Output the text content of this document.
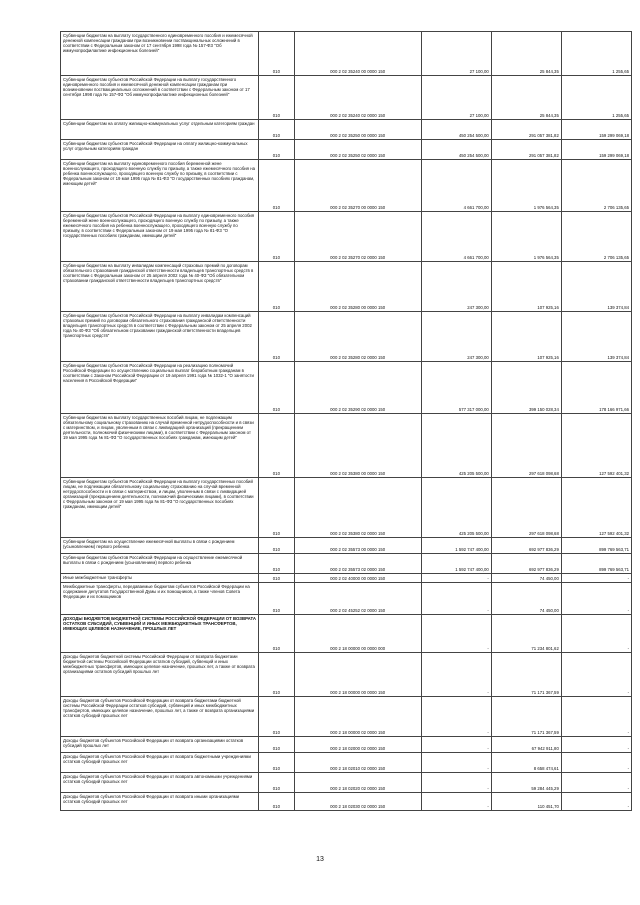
Субвенции бюджетам на выплату государственного единовременного пособия и ежемесячной денежной компенсации гражданам при возникновении поствакцинальных осложнений в соответствии с Федеральным законом от 17 сентября 1998 года № 157-ФЗ "Об иммунопрофилактике инфекционных болезней"	010	000 2 02 35240 00 0000 150	27 100,00	25 844,35	1 255,65
Субвенции бюджетам субъектов Российской Федерации на выплату государственного единовременного пособия и ежемесячной денежной компенсации гражданам при возникновении поствакцинальных осложнений в соответствии с Федеральным законом от 17 сентября 1998 года № 157-ФЗ "Об иммунопрофилактике инфекционных болезней"	010	000 2 02 35240 02 0000 150	27 100,00	25 844,35	1 255,65
Субвенции бюджетам на оплату жилищно-коммунальных услуг отдельным категориям граждан	010	000 2 02 35250 00 0000 150	450 254 500,00	291 057 381,82	159 299 069,18
Субвенции бюджетам субъектов Российской Федерации на оплату жилищно-коммунальных услуг отдельным категориям граждан	010	000 2 02 35250 02 0000 150	450 254 500,00	291 057 381,82	159 299 069,18
Субвенции бюджетам на выплату единовременного пособия беременной жене военнослужащего, проходящего военную службу по призыву, а также ежемесячного пособия на ребенка военнослужащего, проходящего военную службу по призыву, в соответствии с Федеральным законом от 19 мая 1995 года № 81-ФЗ "О государственных пособиях гражданам, имеющим детей"	010	000 2 02 35270 00 0000 150	4 661 700,00	1 976 564,35	2 706 135,65
Субвенции бюджетам субъектов Российской Федерации на выплату единовременного пособия беременной жене военнослужащего, проходящего военную службу по призыву, а также ежемесячного пособия на ребенка военнослужащего, проходящего военную службу по призыву, в соответствии с Федеральным законом от 19 мая 1995 года № 81-ФЗ "О государственных пособиях гражданам, имеющим детей"	010	000 2 02 35270 02 0000 150	4 661 700,00	1 976 564,35	2 706 135,65
Субвенции бюджетам на выплату инвалидам компенсаций страховых премий по договорам обязательного страхования гражданской ответственности владельцев транспортных средств в соответствии с Федеральным законом от 25 апреля 2002 года № 40-ФЗ "Об обязательном страховании гражданской ответственности владельцев транспортных средств"	010	000 2 02 35280 00 0000 150	247 300,00	107 925,16	139 374,84
Субвенции бюджетам субъектов Российской Федерации на выплату инвалидам компенсаций страховых премий по договорам обязательного страхования гражданской ответственности владельцев транспортных средств в соответствии с Федеральным законом от 25 апреля 2002 года № 40-ФЗ "Об обязательном страховании гражданской ответственности владельцев транспортных средств"	010	000 2 02 35280 02 0000 150	247 300,00	107 925,16	139 374,84
Субвенции бюджетам субъектов Российской Федерации на реализацию полномочий Российской Федерации по осуществлению социальных выплат безработным гражданам в соответствии с Законом Российской Федерации от 19 апреля 1991 года № 1032-1 "О занятости населения в Российской Федерации"	010	000 2 02 35290 02 0000 150	577 317 000,00	399 150 028,34	178 166 971,66
Субвенции бюджетам на выплату государственных пособий лицам, не подлежащим обязательному социальному страхованию на случай временной нетрудоспособности и в связи с материнством, и лицам, уволенным в связи с ликвидацией организаций (прекращением деятельности, полномочий физическими лицами), в соответствии с Федеральным законом от 19 мая 1995 года № 81-ФЗ "О государственных пособиях гражданам, имеющим детей"	010	000 2 02 35380 00 0000 150	425 205 500,00	297 618 098,68	127 592 401,32
Субвенции бюджетам субъектов Российской Федерации на выплату государственных пособий лицам, не подлежащим обязательному социальному страхованию на случай временной нетрудоспособности и в связи с материнством, и лицам, уволенным в связи с ликвидацией организаций (прекращением деятельности, полномочий физическими лицами), в соответствии с Федеральным законом от 19 мая 1995 года № 81-ФЗ "О государственных пособиях гражданам, имеющим детей"	010	000 2 02 35380 02 0000 150	425 205 500,00	297 618 098,68	127 592 401,32
Субвенции бюджетам на осуществление ежемесячной выплаты в связи с рождением (усыновлением) первого ребенка	010	000 2 02 35573 00 0000 150	1 592 747 400,00	692 977 836,29	899 769 563,71
Субвенции бюджетам субъектов Российской Федерации на осуществление ежемесячной выплаты в связи с рождением (усыновлением) первого ребенка	010	000 2 02 35573 02 0000 150	1 592 747 400,00	692 977 836,29	899 769 563,71
Иные межбюджетные трансферты	010	000 2 02 40000 00 0000 150	-	74 450,00	-
Межбюджетные трансферты, передаваемые бюджетам субъектов Российской Федерации на содержание депутатов Государственной Думы и их помощников, а также членов Совета Федерации и их помощников	010	000 2 02 45252 02 0000 150	-	74 450,00	-
ДОХОДЫ БЮДЖЕТОВ БЮДЖЕТНОЙ СИСТЕМЫ РОССИЙСКОЙ ФЕДЕРАЦИИ ОТ ВОЗВРАТА ОСТАТКОВ СУБСИДИЙ, СУБВЕНЦИЙ И ИНЫХ МЕЖБЮДЖЕТНЫХ ТРАНСФЕРТОВ, ИМЕЮЩИХ ЦЕЛЕВОЕ НАЗНАЧЕНИЕ, ПРОШЛЫХ ЛЕТ	010	000 2 18 00000 00 0000 000	-	71 234 801,62	-
Доходы бюджетов бюджетной системы Российской Федерации от возврата бюджетами бюджетной системы Российской Федерации остатков субсидий, субвенций и иных межбюджетных трансфертов, имеющих целевое назначение, прошлых лет, а также от возврата организациями остатков субсидий прошлых лет	010	000 2 18 00000 00 0000 150	-	71 171 367,59	-
Доходы бюджетов субъектов Российской Федерации от возврата бюджетами бюджетной системы Российской Федерации остатков субсидий, субвенций и иных межбюджетных трансфертов, имеющих целевое назначение, прошлых лет, а также от возврата организациями остатков субсидий прошлых лет	010	000 2 18 00000 02 0000 150	-	71 171 367,59	-
Доходы бюджетов субъектов Российской Федерации от возврата организациями остатков субсидий прошлых лет	010	000 2 18 02000 02 0000 150	-	67 942 911,80	-
Доходы бюджетов субъектов Российской Федерации от возврата бюджетными учреждениями остатков субсидий прошлых лет	010	000 2 18 02010 02 0000 150	-	8 658 474,61	-
Доходы бюджетов субъектов Российской Федерации от возврата автономными учреждениями остатков субсидий прошлых лет	010	000 2 18 02020 02 0000 150	-	59 284 445,29	-
Доходы бюджетов субъектов Российской Федерации от возврата иными организациями остатков субсидий прошлых лет	010	000 2 18 02030 02 0000 150	-	110 451,70	-
13
